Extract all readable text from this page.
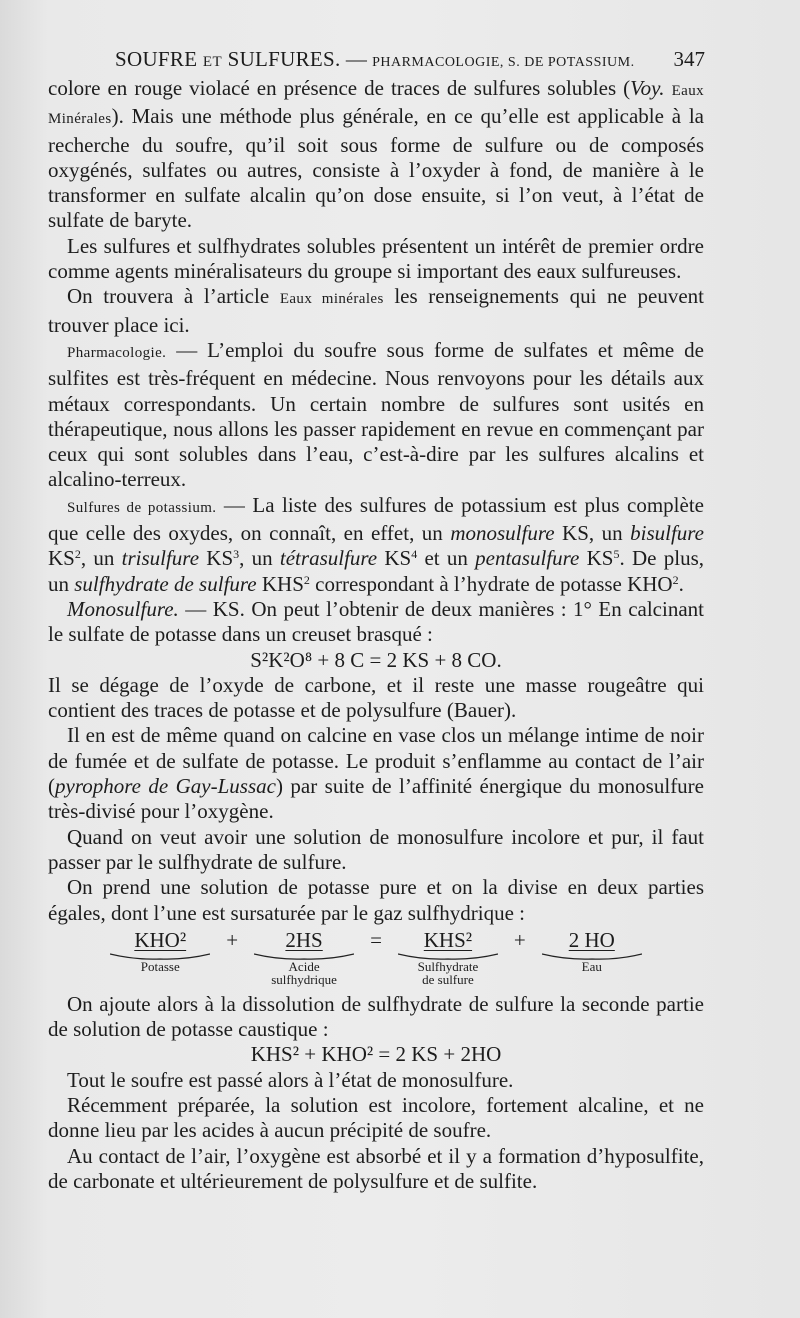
SOUFRE ET SULFURES. — PHARMACOLOGIE, S. DE POTASSIUM. 347

colore en rouge violacé en présence de traces de sulfures solubles (Voy. Eaux Minérales). Mais une méthode plus générale, en ce qu’elle est applicable à la recherche du soufre, qu’il soit sous forme de sulfure ou de composés oxygénés, sulfates ou autres, consiste à l’oxyder à fond, de manière à le transformer en sulfate alcalin qu’on dose ensuite, si l’on veut, à l’état de sulfate de baryte.

Les sulfures et sulfhydrates solubles présentent un intérêt de premier ordre comme agents minéralisateurs du groupe si important des eaux sulfureuses.

On trouvera à l’article Eaux minérales les renseignements qui ne peuvent trouver place ici.

Pharmacologie. — L’emploi du soufre sous forme de sulfates et même de sulfites est très-fréquent en médecine. Nous renvoyons pour les détails aux métaux correspondants. Un certain nombre de sulfures sont usités en thérapeutique, nous allons les passer rapidement en revue en commençant par ceux qui sont solubles dans l’eau, c’est-à-dire par les sulfures alcalins et alcalino-terreux.

Sulfures de potassium. — La liste des sulfures de potassium est plus complète que celle des oxydes, on connaît, en effet, un monosulfure KS, un bisulfure $KS^2$, un trisulfure $KS^3$, un tétrasulfure $KS^4$ et un pentasulfure $KS^5$. De plus, un sulfhydrate de sulfure KHS$^2$ correspondant à l’hydrate de potasse KHO$^2$.

Monosulfure. — KS. On peut l’obtenir de deux manières : 1° En calcinant le sulfate de potasse dans un creuset brasqué :

S²K²O⁸ + 8 C = 2 KS + 8 CO.

Il se dégage de l’oxyde de carbone, et il reste une masse rougeâtre qui contient des traces de potasse et de polysulfure (Bauer).

Il en est de même quand on calcine en vase clos un mélange intime de noir de fumée et de sulfate de potasse. Le produit s’enflamme au contact de l’air (pyrophore de Gay-Lussac) par suite de l’affinité énergique du monosulfure très-divisé pour l’oxygène.

Quand on veut avoir une solution de monosulfure incolore et pur, il faut passer par le sulfhydrate de sulfure.

On prend une solution de potasse pure et on la divise en deux parties égales, dont l’une est sursaturée par le gaz sulfhydrique :

KHO²
Potasse
+	2HS
Acide
sulfhydrique
=	KHS²
Sulfhydrate
de sulfure
+	2 HO
Eau

On ajoute alors à la dissolution de sulfhydrate de sulfure la seconde partie de solution de potasse caustique :

KHS² + KHO² = 2 KS + 2HO

Tout le soufre est passé alors à l’état de monosulfure.

Récemment préparée, la solution est incolore, fortement alcaline, et ne donne lieu par les acides à aucun précipité de soufre.

Au contact de l’air, l’oxygène est absorbé et il y a formation d’hyposulfite, de carbonate et ultérieurement de polysulfure et de sulfite.
